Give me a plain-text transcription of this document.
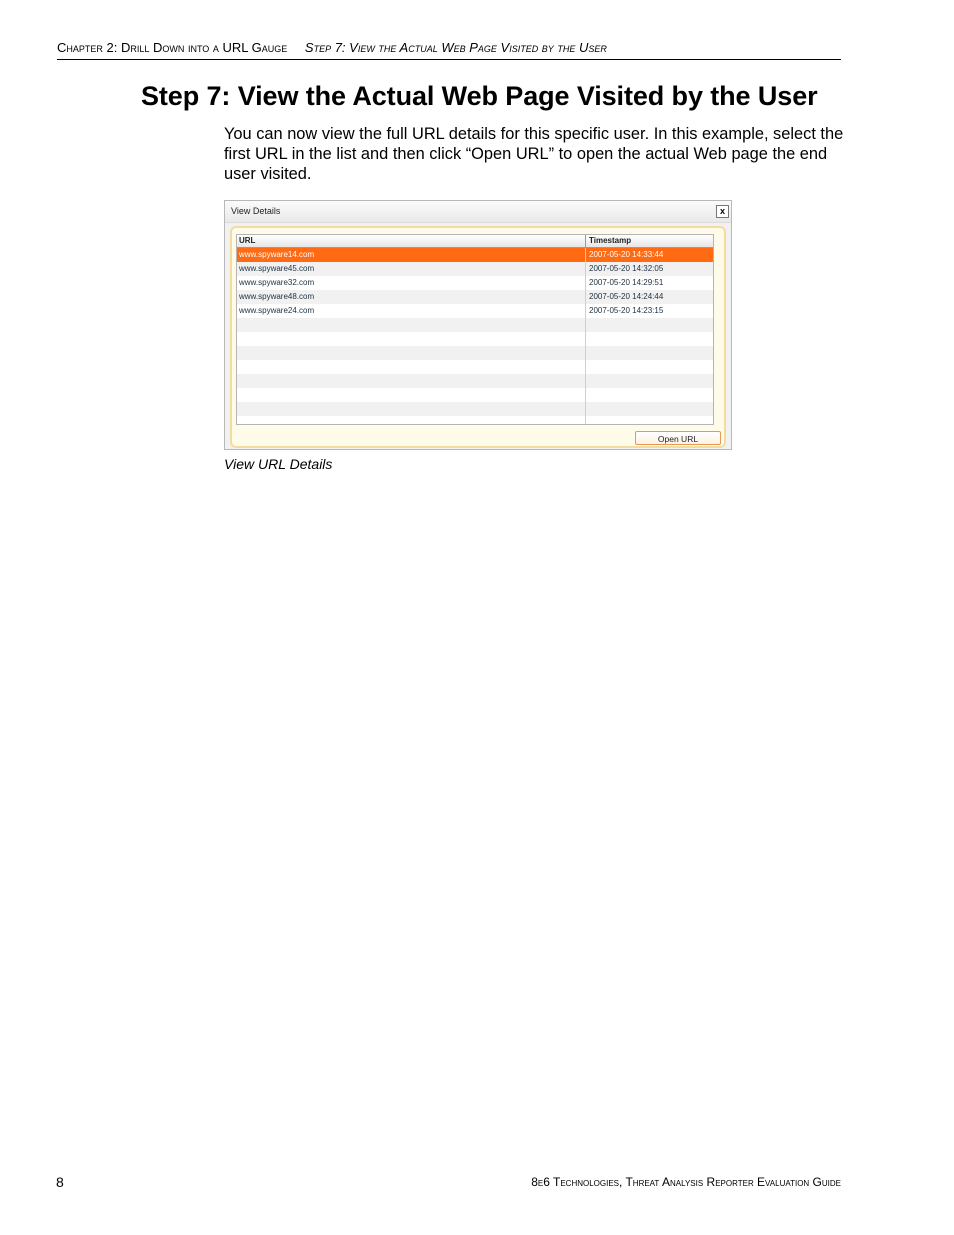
Chapter 2: Drill Down into a URL Gauge Step 7: View the Actual Web Page Visited by the User
Step 7: View the Actual Web Page Visited by the User

You can now view the full URL details for this specific user. In this example, select the first URL in the list and then click “Open URL” to open the actual Web page the end user visited.

View Details	x
URL	Timestamp
www.spyware14.com	2007-05-20 14:33:44
www.spyware45.com	2007-05-20 14:32:05
www.spyware32.com	2007-05-20 14:29:51
www.spyware48.com	2007-05-20 14:24:44
www.spyware24.com	2007-05-20 14:23:15
Open URL
View URL Details
8	8e6 Technologies, Threat Analysis Reporter Evaluation Guide
